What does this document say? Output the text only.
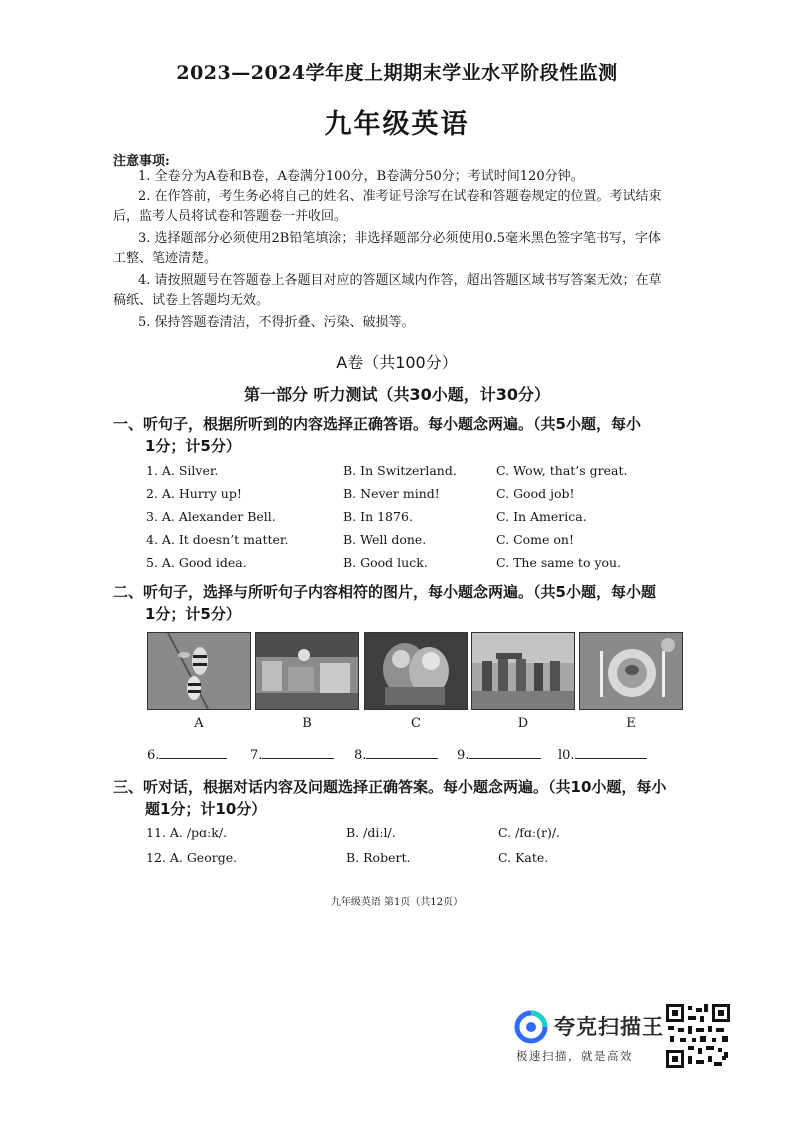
2023—2024学年度上期期末学业水平阶段性监测
九年级英语
注意事项:
1. 全卷分为A卷和B卷，A卷满分100分，B卷满分50分；考试时间120分钟。
2. 在作答前，考生务必将自己的姓名、准考证号涂写在试卷和答题卷规定的位置。考试结束
后，监考人员将试卷和答题卷一并收回。
3. 选择题部分必须使用2B铅笔填涂；非选择题部分必须使用0.5毫米黑色签字笔书写，字体
工整、笔迹清楚。
4. 请按照题号在答题卷上各题目对应的答题区域内作答，超出答题区域书写答案无效；在草
稿纸、试卷上答题均无效。
5. 保持答题卷清洁，不得折叠、污染、破损等。
A卷（共100分）
第一部分 听力测试（共30小题，计30分）
一、听句子，根据所听到的内容选择正确答语。每小题念两遍。（共5小题，每小
1分；计5分）
1. A. Silver.	B. In Switzerland.	C. Wow, that’s great.
2. A. Hurry up!	B. Never mind!	C. Good job!
3. A. Alexander Bell.	B. In 1876.	C. In America.
4. A. It doesn’t matter.	B. Well done.	C. Come on!
5. A. Good idea.	B. Good luck.	C. The same to you.
二、听句子，选择与所听句子内容相符的图片，每小题念两遍。（共5小题，每小题
1分；计5分）
A	B	C	D	E
6.	7.	8.	9.	l0.
三、听对话，根据对话内容及问题选择正确答案。每小题念两遍。（共10小题，每小
题1分；计10分）
11. A. /pɑːk/.	B. /diːl/.	C. /fɑː(r)/.
12. A. George.	B. Robert.	C. Kate.
九年级英语 第1页（共12页）
夸克扫描王
极速扫描，就是高效
